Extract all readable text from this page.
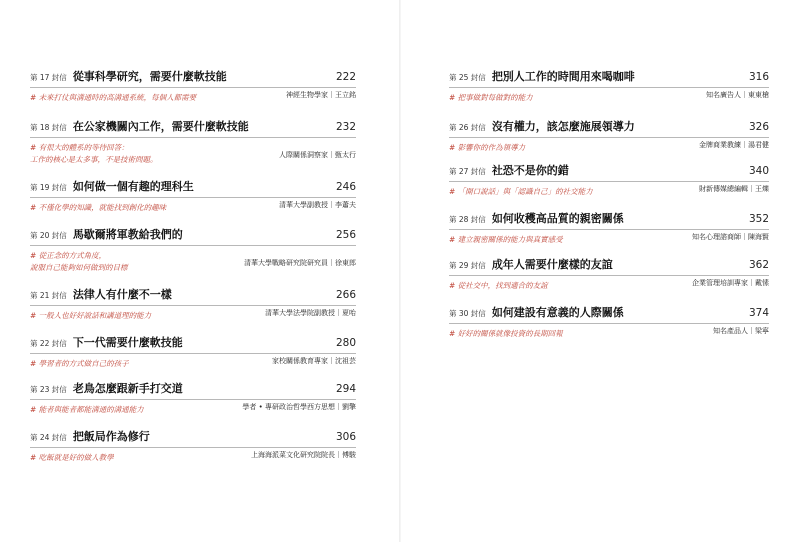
第 17 封信 從事科學研究，需要什麼軟技能	222
# 未來打仗與溝通時的高溝通系統，每個人都需要	神經生物學家｜王立銘
第 18 封信 在公家機關內工作，需要什麼軟技能	232
# 有很大的體系的等待回答：
工作的核心是太多事，不是技術問題。	人際關係洞察家｜甄太行
第 19 封信 如何做一個有趣的理科生	246
# 不僅化學的知識，就能找到創化的趣味	清華大學副教授｜李蕭夫
第 20 封信 馬歇爾將軍教給我們的	256
# 從正念的方式角度，
說服自己能夠如何做到的目標	清華大學戰略研究院研究員｜徐東郎
第 21 封信 法律人有什麼不一樣	266
# 一般人也好好說話和講道理的能力	清華大學法學院副教授｜夏咍
第 22 封信 下一代需要什麼軟技能	280
# 學習者的方式做自己的孩子	家校關係教育專家｜沈祖芸
第 23 封信 老鳥怎麼跟新手打交道	294
# 能者與能者都能溝通的溝通能力	學者 • 專研政治哲學西方思想｜劉擎
第 24 封信 把飯局作為修行	306
# 吃飯就是好的做人教學	上海海派菜文化研究院院長｜傅駿
第 25 封信 把別人工作的時間用來喝咖啡	316
# 把事做對每做對的能力	知名廣告人｜東東槍
第 26 封信 沒有權力，該怎麼施展領導力	326
# 影響你的作為領導力	金牌商業教練｜湯君健
第 27 封信 社恐不是你的錯	340
# 「開口說話」與「認識自己」的社交能力	財新傳媒總編輯｜王爍
第 28 封信 如何收穫高品質的親密關係	352
# 建立親密關係的能力與真實感受	知名心理諮商師｜陳海賢
第 29 封信 成年人需要什麼樣的友誼	362
# 從社交中，找到適合的友誼	企業管理培訓專家｜戴愫
第 30 封信 如何建設有意義的人際關係	374
# 好好的關係就像投資的長期回報	知名產品人｜梁寧
